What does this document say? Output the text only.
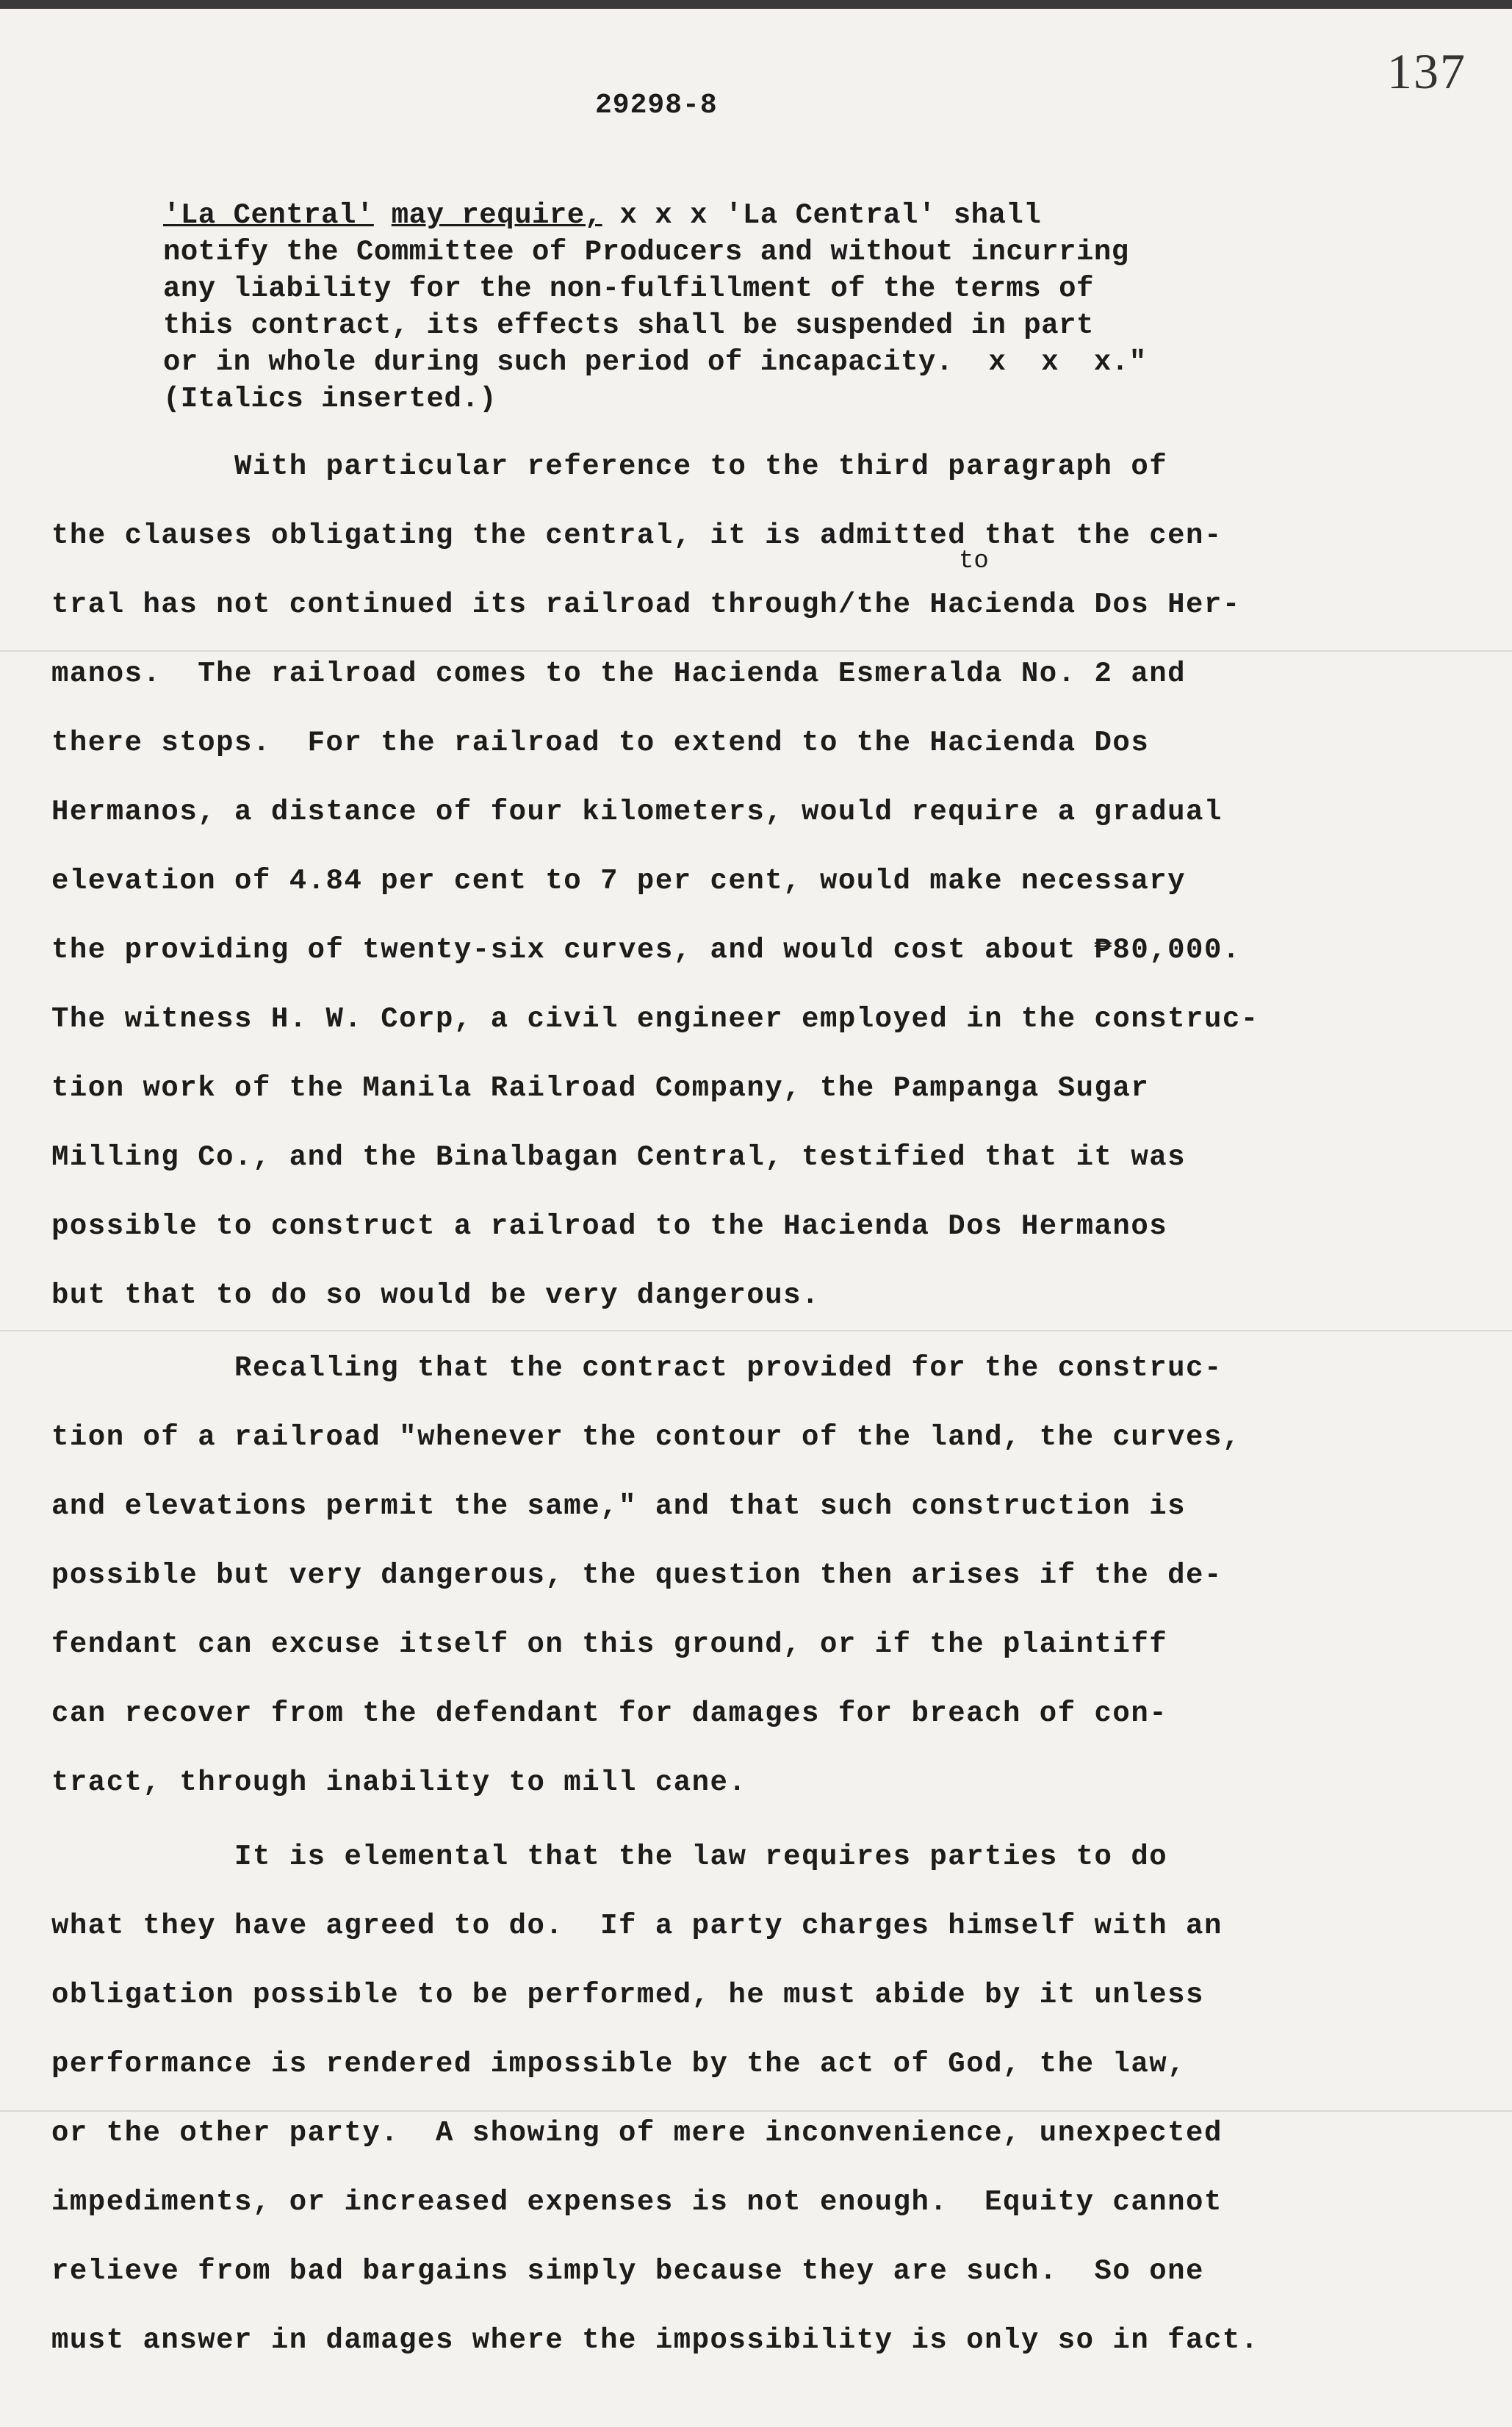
137
29298-8
'La Central' may require, x x x 'La Central' shall
notify the Committee of Producers and without incurring
any liability for the non-fulfillment of the terms of
this contract, its effects shall be suspended in part
or in whole during such period of incapacity.  x  x  x."
(Italics inserted.)
With particular reference to the third paragraph of
the clauses obligating the central, it is admitted that the cen-
tral has not continued its railroad through/the Hacienda Dos Her-
manos.  The railroad comes to the Hacienda Esmeralda No. 2 and
there stops.  For the railroad to extend to the Hacienda Dos
Hermanos, a distance of four kilometers, would require a gradual
elevation of 4.84 per cent to 7 per cent, would make necessary
the providing of twenty-six curves, and would cost about ₱80,000.
The witness H. W. Corp, a civil engineer employed in the construc-
tion work of the Manila Railroad Company, the Pampanga Sugar
Milling Co., and the Binalbagan Central, testified that it was
possible to construct a railroad to the Hacienda Dos Hermanos
but that to do so would be very dangerous.
to
Recalling that the contract provided for the construc-
tion of a railroad "whenever the contour of the land, the curves,
and elevations permit the same," and that such construction is
possible but very dangerous, the question then arises if the de-
fendant can excuse itself on this ground, or if the plaintiff
can recover from the defendant for damages for breach of con-
tract, through inability to mill cane.
It is elemental that the law requires parties to do
what they have agreed to do.  If a party charges himself with an
obligation possible to be performed, he must abide by it unless
performance is rendered impossible by the act of God, the law,
or the other party.  A showing of mere inconvenience, unexpected
impediments, or increased expenses is not enough.  Equity cannot
relieve from bad bargains simply because they are such.  So one
must answer in damages where the impossibility is only so in fact.
